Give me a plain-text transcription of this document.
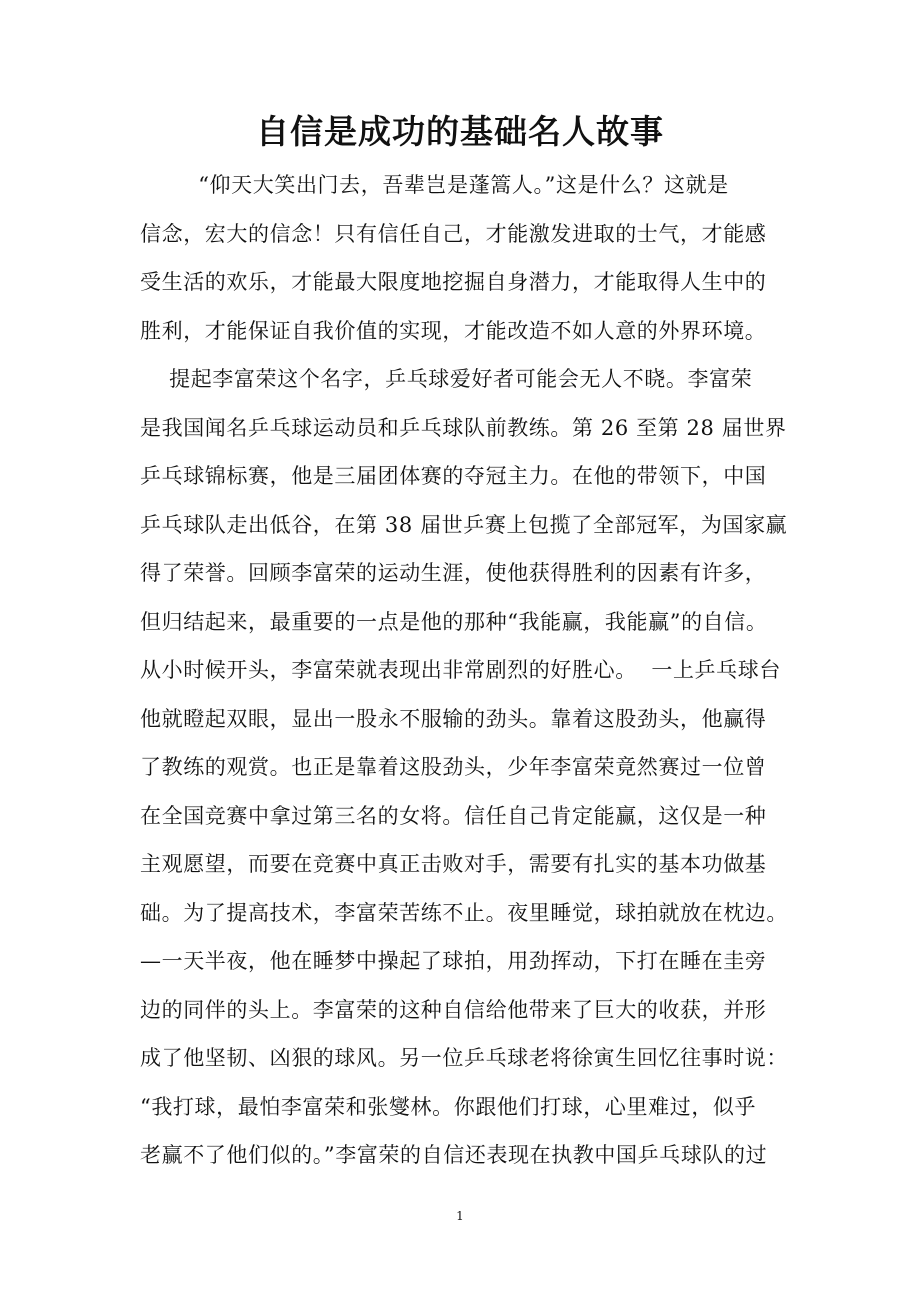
自信是成功的基础名人故事
“仰天大笑出门去，吾辈岂是蓬篙人。”这是什么？这就是
信念，宏大的信念！只有信任自己，才能激发进取的士气，才能感
受生活的欢乐，才能最大限度地挖掘自身潜力，才能取得人生中的
胜利，才能保证自我价值的实现，才能改造不如人意的外界环境。
提起李富荣这个名字，乒乓球爱好者可能会无人不晓。李富荣
是我国闻名乒乓球运动员和乒乓球队前教练。第 26 至第 28 届世界
乒乓球锦标赛，他是三届团体赛的夺冠主力。在他的带领下，中国
乒乓球队走出低谷，在第 38 届世乒赛上包揽了全部冠军，为国家赢
得了荣誉。回顾李富荣的运动生涯，使他获得胜利的因素有许多，
但归结起来，最重要的一点是他的那种“我能赢，我能赢”的自信。
从小时候开头，李富荣就表现出非常剧烈的好胜心。  一上乒乓球台
他就瞪起双眼，显出一股永不服输的劲头。靠着这股劲头，他赢得
了教练的观赏。也正是靠着这股劲头，少年李富荣竟然赛过一位曾
在全国竞赛中拿过第三名的女将。信任自己肯定能赢，这仅是一种
主观愿望，而要在竞赛中真正击败对手，需要有扎实的基本功做基
础。为了提高技术，李富荣苦练不止。夜里睡觉，球拍就放在枕边。
—一天半夜，他在睡梦中操起了球拍，用劲挥动，下打在睡在圭旁
边的同伴的头上。李富荣的这种自信给他带来了巨大的收获，并形
成了他坚韧、凶狠的球风。另一位乒乓球老将徐寅生回忆往事时说：
“我打球，最怕李富荣和张燮林。你跟他们打球，心里难过，似乎
老赢不了他们似的。”李富荣的自信还表现在执教中国乒乓球队的过
1
